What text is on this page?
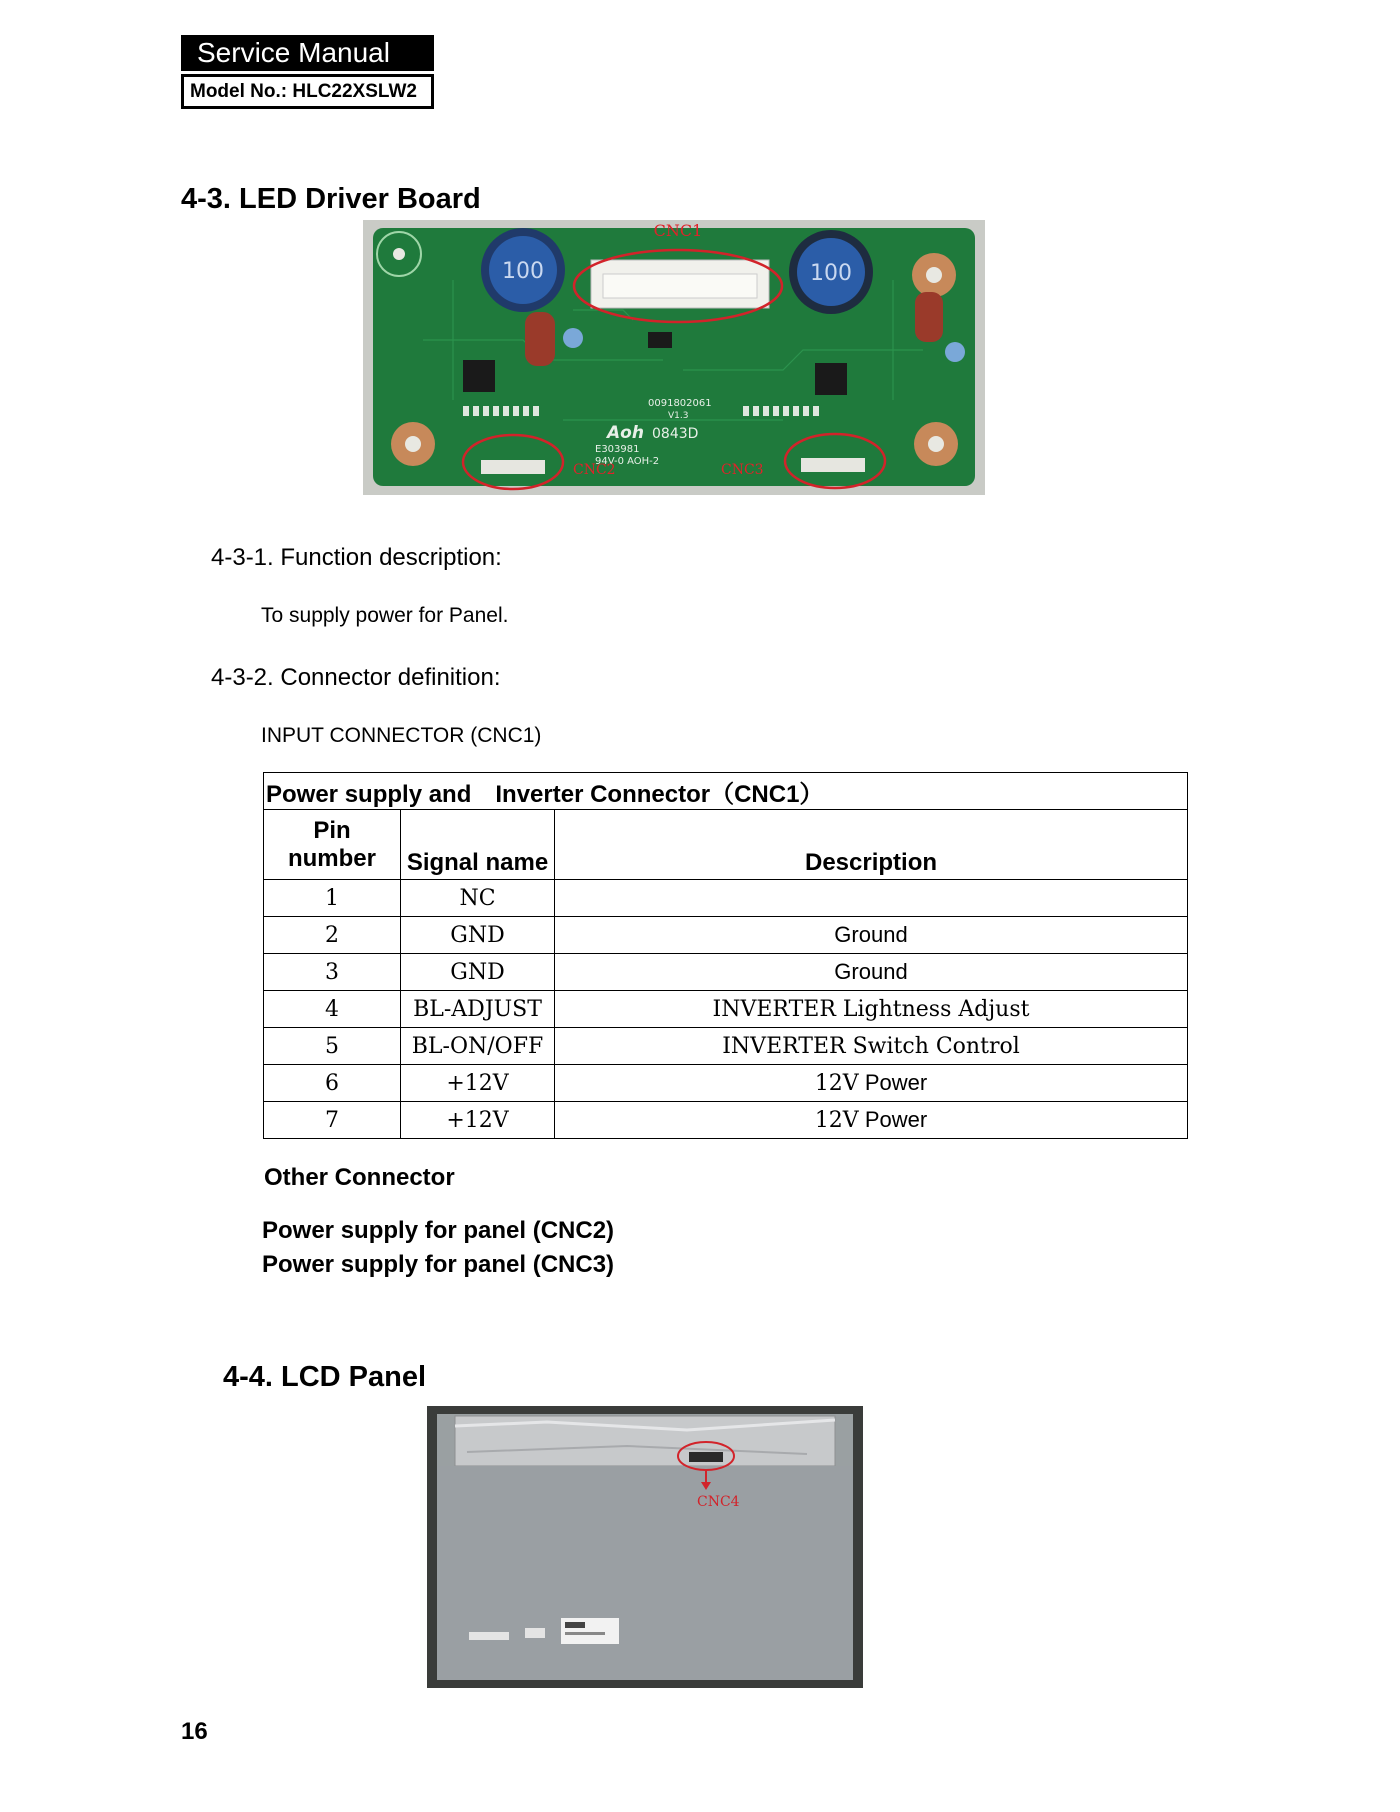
Service Manual
Model No.: HLC22XSLW2
4-3. LED Driver Board
100	100
CNC1
0091802061
V1.3
Aoh 0843D
E303981
94V-0 AOH-2
CNC2	CNC3
4-3-1. Function description:
To supply power for Panel.
4-3-2. Connector definition:
INPUT CONNECTOR (CNC1)
Power supply and　Inverter Connector（CNC1）		

Pin
number	Signal name	Description
1	NC	
2	GND	Ground
3	GND	Ground
4	BL-ADJUST	INVERTER Lightness Adjust
5	BL-ON/OFF	INVERTER Switch Control
6	+12V	12V Power
7	+12V	12V Power
Other Connector
Power supply for panel (CNC2)
Power supply for panel (CNC3)
4-4. LCD Panel
CNC4
16
